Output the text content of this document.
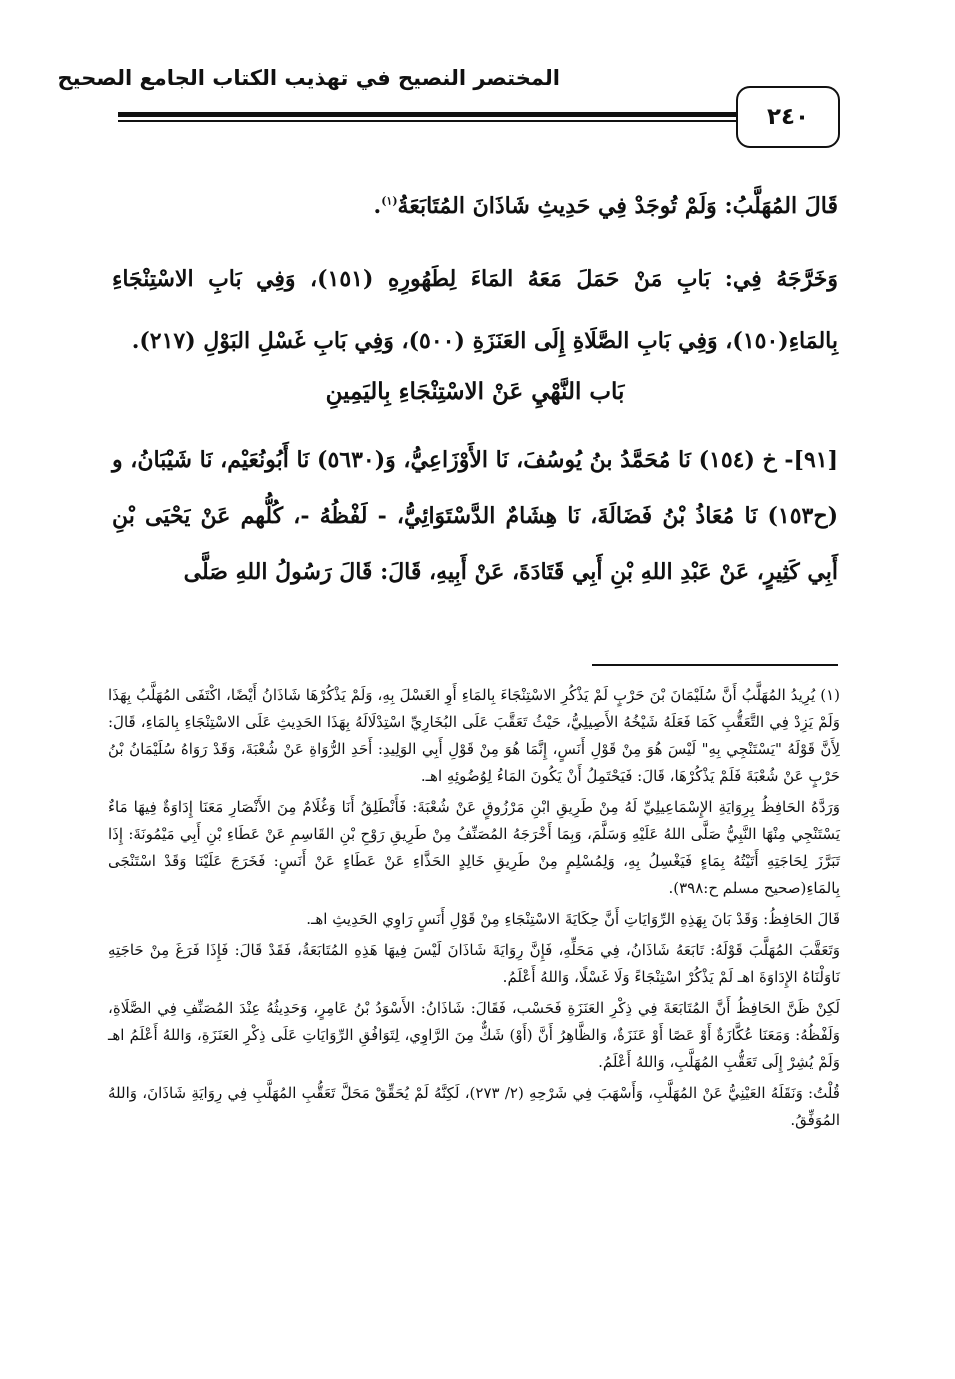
المختصر النصيح في تهذيب الكتاب الجامع الصحيح
٢٤٠
قَالَ المُهَلَّبُ: وَلَمْ تُوجَدْ فِي حَدِيثِ شَاذَانَ المُتَابَعَةُ$^{(١)}$.
وَخَرَّجَهُ فِي: بَابِ مَنْ حَمَلَ مَعَهُ المَاءَ لِطَهُورِهِ (١٥١)، وَفِي بَابِ الاسْتِنْجَاءِ بِالمَاءِ(١٥٠)، وَفِي بَابِ الصَّلَاةِ إِلَى العَنَزَةِ (٥٠٠)، وَفِي بَابِ غَسْلِ البَوْلِ (٢١٧).
بَاب النَّهْيِ عَنْ الاسْتِنْجَاءِ بِاليَمِينِ
[٩١]- خ (١٥٤) نَا مُحَمَّدُ بنُ يُوسُفَ، نَا الأَوْزَاعِيُّ، وَ(٥٦٣٠) نَا أَبُونُعَيْم، نَا شَيْبَانُ، و (ح١٥٣) نَا مُعَاذُ بْنُ فَضَالَةَ، نَا هِشَامٌ الدَّسْتَوَائِيُّ، - لَفْظُهُ -، كُلُّهم عَنْ يَحْيَى بْنِ أَبِي كَثِيرٍ، عَنْ عَبْدِ اللهِ بْنِ أَبِي قَتَادَةَ، عَنْ أَبِيهِ، قَالَ: قَالَ رَسُولُ اللهِ صَلَّى

(١) يُرِيدُ المُهَلَّبُ أَنَّ سُلَيْمَانَ بْنَ حَرْبٍ لَمْ يَذْكُرِ الاسْتِنْجَاءَ بِالمَاءِ أَوِ الغَسْلَ بِهِ، وَلَمْ يَذْكُرْهَا شَاذَانُ أَيْضًا، اكْتَفَى المُهَلَّبُ بِهَذَا وَلَمْ يَزِدْ فِي التَّعَقُّبِ كَمَا فَعَلَهُ شَيْخُهُ الأَصِيلِيُّ، حَيْثُ تَعَقَّبَ عَلَى البُخَارِيِّ اسْتِدْلَالَهُ بِهَذَا الحَدِيثِ عَلَى الاسْتِنْجَاءِ بِالمَاءِ، قَالَ: لِأَنَّ قَوْلَهُ "يَسْتَنْجِي بِهِ" لَيْسَ هُوَ مِنْ قَوْلِ أَنَسٍ، إِنَّمَا هُوَ مِنْ قَوْلِ أَبِي الوَلِيدِ: أَحَدِ الرُّوَاةِ عَنْ شُعْبَةَ، وَقَدْ رَوَاهُ سُلَيْمَانُ بْنُ حَرْبٍ عَنْ شُعْبَةَ فَلَمْ يَذْكُرْهَا، قَالَ: فَيَحْتَمِلُ أَنْ يَكُونَ المَاءُ لِوُضُوئِهِ اهـ.

وَرَدَّهُ الحَافِظُ بِرِوَايَةِ الإِسْمَاعِيلِيِّ لَهُ مِنْ طَرِيقِ ابْنِ مَرْزُوقٍ عَنْ شُعْبَةَ: فَأَنْطَلِقُ أَنَا وَغُلَامٌ مِنَ الأَنْصَارِ مَعَنَا إِدَاوَةٌ فِيهَا مَاءٌ يَسْتَنْجِي مِنْهَا النَّبِيُّ صَلَّى اللهُ عَلَيْهِ وَسَلَّمَ، وَبِمَا أَخْرَجَهُ المُصَنِّفُ مِنْ طَرِيقِ رَوْحِ بْنِ القَاسِمِ عَنْ عَطَاءِ بْنِ أَبِي مَيْمُونَةَ: إِذَا تَبَرَّزَ لِحَاجَتِهِ أَتَيْتُهُ بِمَاءٍ فَيَغْسِلُ بِهِ، وَلِمُسْلِمٍ مِنْ طَرِيقِ خَالِدٍ الحَذَّاءِ عَنْ عَطَاءٍ عَنْ أَنَسٍ: فَخَرَجَ عَلَيْنَا وَقَدْ اسْتَنْجَى بِالمَاءِ(صحيح مسلم ح:٣٩٨).

قَالَ الحَافِظُ: وَقَدْ بَانَ بِهَذِهِ الرِّوَايَاتِ أَنَّ حِكَايَةَ الاسْتِنْجَاءِ مِنْ قَوْلِ أَنَسٍ رَاوِي الحَدِيثِ اهـ.

وَتَعَقَّبَ المُهَلَّبَ قَوْلَهُ: تَابَعَهُ شَاذَانُ، فِي مَحَلِّهِ، فَإِنَّ رِوَايَةَ شَاذَانَ لَيْسَ فِيهَا هَذِهِ المُتَابَعَةُ، فَقَدْ قَالَ: فَإِذَا فَرَغَ مِنْ حَاجَتِهِ نَاوَلْنَاهُ الإِدَاوَةَ اهـ لَمْ يَذْكُرْ اسْتِنْجَاءً وَلَا غَسْلًا، وَاللهُ أَعْلَمُ.

لَكِنْ ظَنَّ الحَافِظُ أَنَّ المُتَابَعَةَ فِي ذِكْرِ العَنَزَةِ فَحَسْب، فَقَالَ: شَاذَانُ: الأَسْوَدُ بْنُ عَامِرٍ، وَحَدِيثُهُ عِنْدَ المُصَنِّفِ فِي الصَّلَاةِ، وَلَفْظُهُ: وَمَعَنَا عُكَّازَةٌ أَوْ عَصًا أَوْ عَنَزَةٌ، وَالظَّاهِرُ أَنَّ (أَوْ) شَكٌّ مِنَ الرَّاوِي، لِتَوَافُقِ الرِّوَايَاتِ عَلَى ذِكْرِ العَنَزَةِ، وَاللهُ أَعْلَمُ اهـ وَلَمْ يُشِرْ إِلَى تَعَقُّبِ المُهَلَّبِ، وَاللهُ أَعْلَمُ.

قُلْتُ: وَنَقَلَهُ العَيْنِيُّ عَنْ المُهَلَّبِ، وَأَسْهَبَ فِي شَرْحِهِ (٢/ ٢٧٣)، لَكِنَّهُ لَمْ يُحَقِّقْ مَحَلَّ تَعَقُّبِ المُهَلَّبِ فِي رِوَايَةِ شَاذَانَ، وَاللهُ المُوَفِّقُ.
